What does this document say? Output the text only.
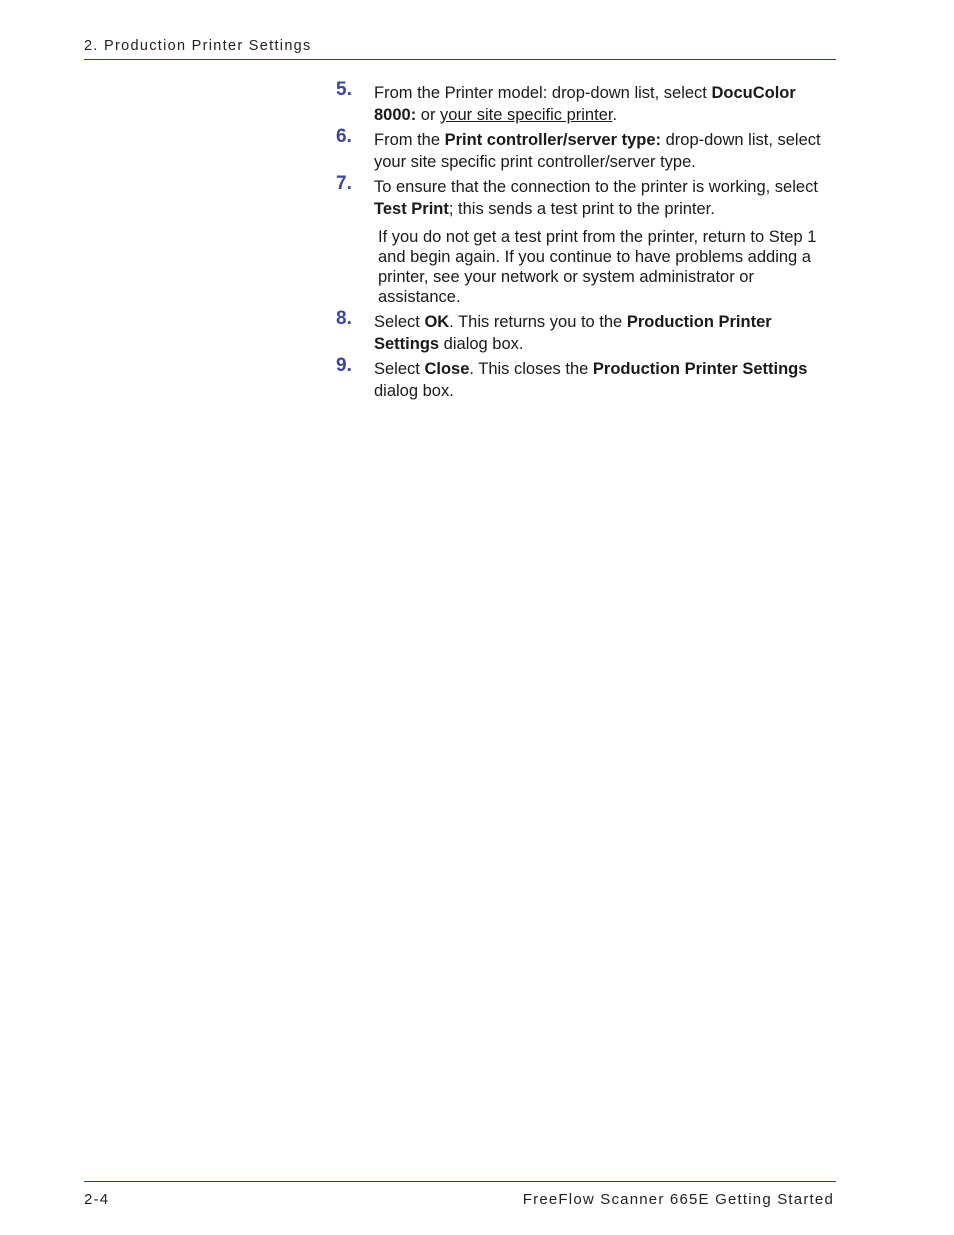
2. Production Printer Settings
5. From the Printer model: drop-down list, select DocuColor 8000: or your site specific printer.
6. From the Print controller/server type: drop-down list, select your site specific print controller/server type.
7. To ensure that the connection to the printer is working, select Test Print; this sends a test print to the printer.
If you do not get a test print from the printer, return to Step 1 and begin again. If you continue to have problems adding a printer, see your network or system administrator or assistance.
8. Select OK. This returns you to the Production Printer Settings dialog box.
9. Select Close. This closes the Production Printer Settings dialog box.
2-4	FreeFlow Scanner 665E Getting Started
